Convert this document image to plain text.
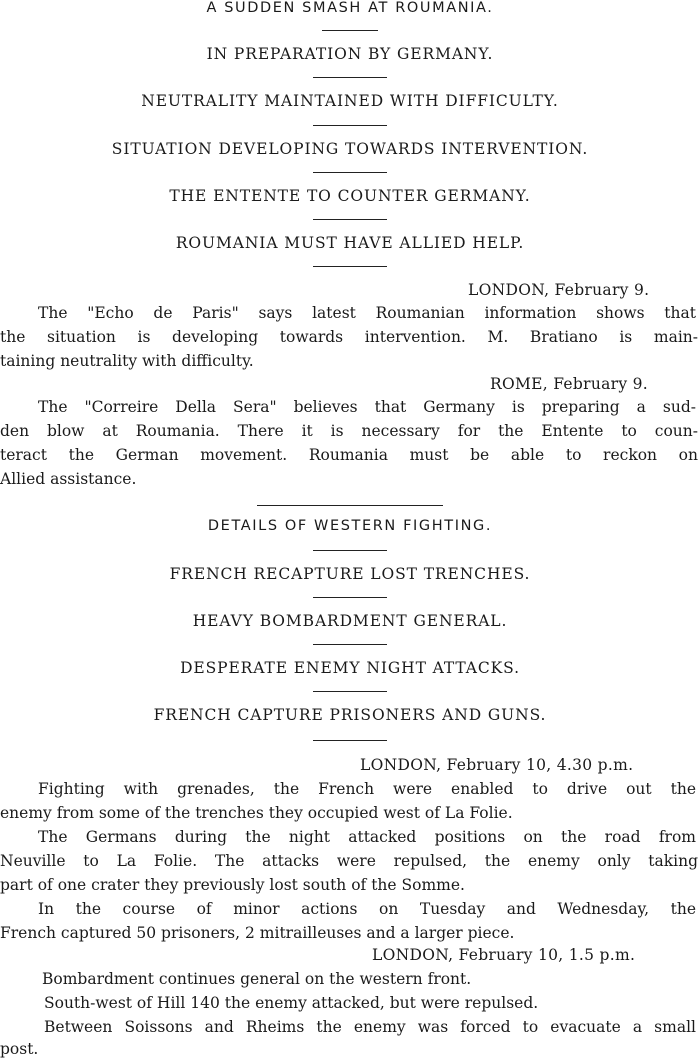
A SUDDEN SMASH AT ROUMANIA.
IN PREPARATION BY GERMANY.
NEUTRALITY MAINTAINED WITH DIFFICULTY.
SITUATION DEVELOPING TOWARDS INTERVENTION.
THE ENTENTE TO COUNTER GERMANY.
ROUMANIA MUST HAVE ALLIED HELP.
LONDON, February 9.
The "Echo de Paris" says latest Roumanian information shows that
the situation is developing towards intervention. M. Bratiano is main-
taining neutrality with difficulty.
ROME, February 9.
The "Correire Della Sera" believes that Germany is preparing a sud-
den blow at Roumania. There it is necessary for the Entente to coun-
teract the German movement. Roumania must be able to reckon on
Allied assistance.
DETAILS OF WESTERN FIGHTING.
FRENCH RECAPTURE LOST TRENCHES.
HEAVY BOMBARDMENT GENERAL.
DESPERATE ENEMY NIGHT ATTACKS.
FRENCH CAPTURE PRISONERS AND GUNS.
LONDON, February 10, 4.30 p.m.
Fighting with grenades, the French were enabled to drive out the
enemy from some of the trenches they occupied west of La Folie.
The Germans during the night attacked positions on the road from
Neuville to La Folie. The attacks were repulsed, the enemy only taking
part of one crater they previously lost south of the Somme.
In the course of minor actions on Tuesday and Wednesday, the
French captured 50 prisoners, 2 mitrailleuses and a larger piece.
LONDON, February 10, 1.5 p.m.
Bombardment continues general on the western front.
South-west of Hill 140 the enemy attacked, but were repulsed.
Between Soissons and Rheims the enemy was forced to evacuate a small
post.
